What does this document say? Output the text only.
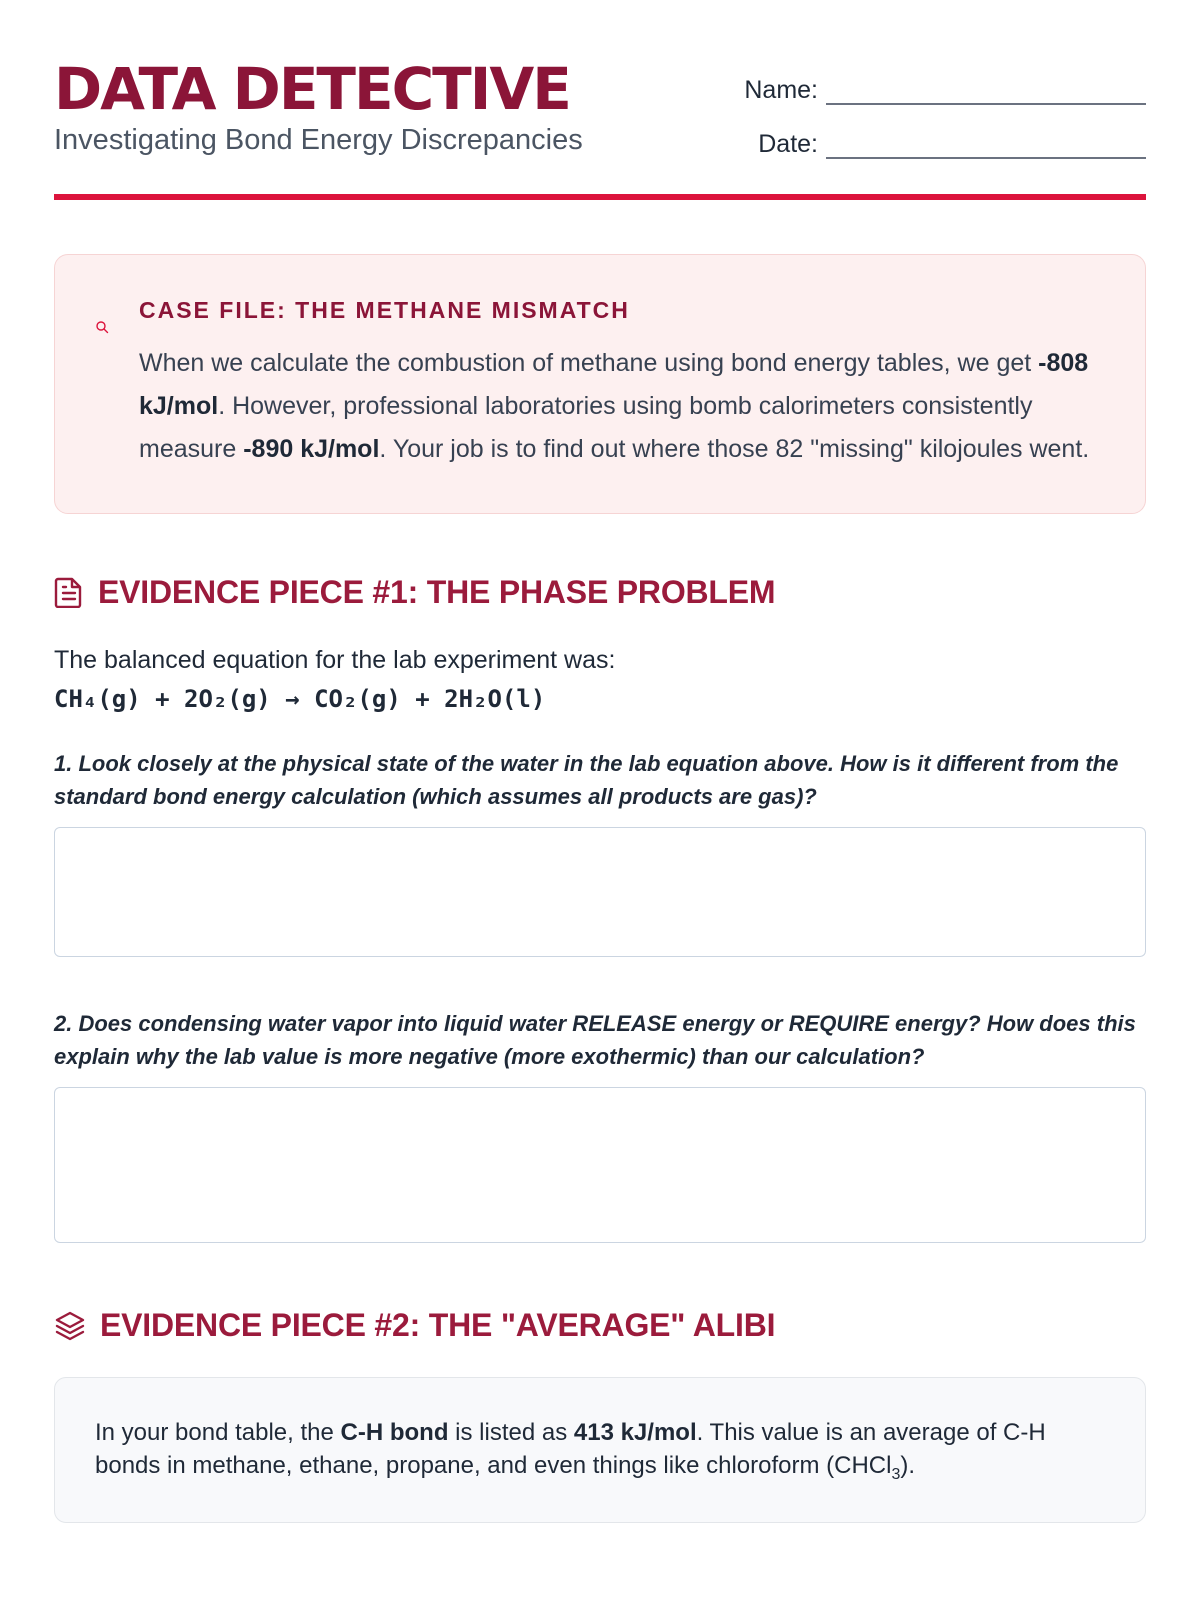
DATA DETECTIVE

Investigating Bond Energy Discrepancies

Name:
Date:

CASE FILE: THE METHANE MISMATCH

When we calculate the combustion of methane using bond energy tables, we get -808 kJ/mol. However, professional laboratories using bomb calorimeters consistently measure -890 kJ/mol. Your job is to find out where those 82 "missing" kilojoules went.

EVIDENCE PIECE #1: THE PHASE PROBLEM

The balanced equation for the lab experiment was:

CH₄(g) + 2O₂(g) → CO₂(g) + 2H₂O(l)

1. Look closely at the physical state of the water in the lab equation above. How is it different from the standard bond energy calculation (which assumes all products are gas)?

2. Does condensing water vapor into liquid water RELEASE energy or REQUIRE energy? How does this explain why the lab value is more negative (more exothermic) than our calculation?

EVIDENCE PIECE #2: THE "AVERAGE" ALIBI

In your bond table, the C-H bond is listed as 413 kJ/mol. This value is an average of C-H bonds in methane, ethane, propane, and even things like chloroform (CHCl$_3$).
